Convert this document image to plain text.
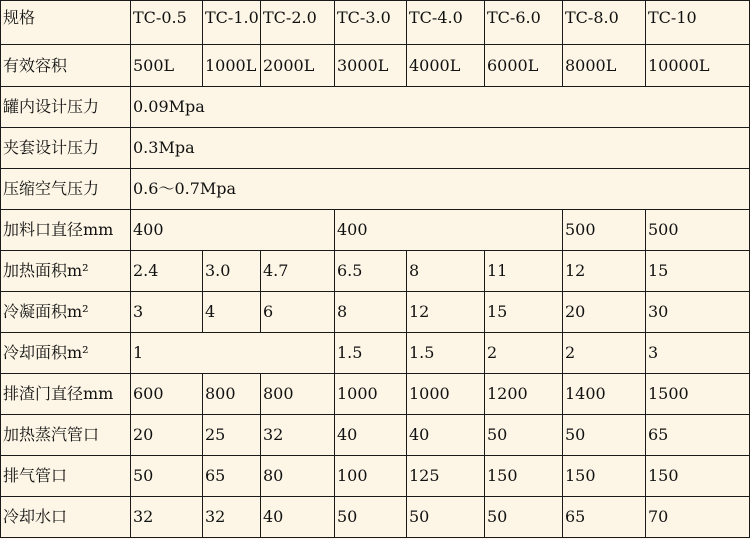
规格	TC-0.5	TC-1.0	TC-2.0	TC-3.0	TC-4.0	TC-6.0	TC-8.0	TC-10
有效容积	500L	1000L	2000L	3000L	4000L	6000L	8000L	10000L
罐内设计压力	0.09Mpa							
夹套设计压力	0.3Mpa							
压缩空气压力	0.6～0.7Mpa							
加料口直径mm	400			400			500	500
加热面积m²	2.4	3.0	4.7	6.5	8	11	12	15
冷凝面积m²	3	4	6	8	12	15	20	30
冷却面积m²	1			1.5	1.5	2	2	3
排渣门直径mm	600	800	800	1000	1000	1200	1400	1500
加热蒸汽管口	20	25	32	40	40	50	50	65
排气管口	50	65	80	100	125	150	150	150
冷却水口	32	32	40	50	50	50	65	70
